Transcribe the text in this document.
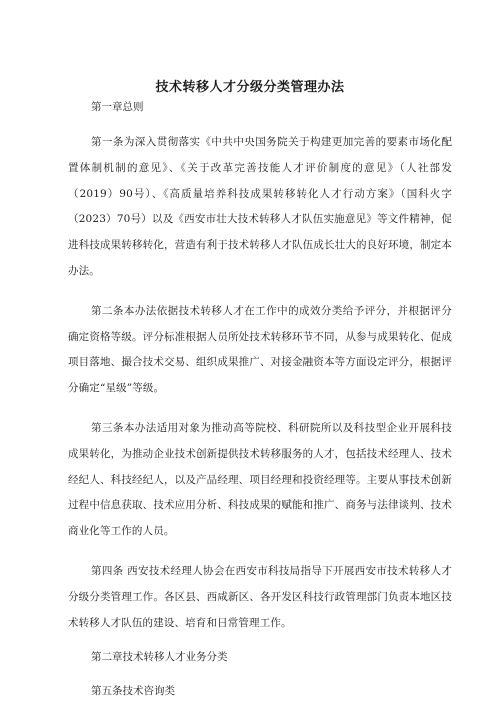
技术转移人才分级分类管理办法

第一章总则

第一条为深入贯彻落实《中共中央国务院关于构建更加完善的要素市场化配置体制机制的意见》、《关于改革完善技能人才评价制度的意见》（人社部发（2019）90号）、《高质量培养科技成果转移转化人才行动方案》（国科火字（2023）70号）以及《西安市壮大技术转移人才队伍实施意见》等文件精神，促进科技成果转移转化，营造有利于技术转移人才队伍成长壮大的良好环境，制定本办法。

第二条本办法依据技术转移人才在工作中的成效分类给予评分，并根据评分确定资格等级。评分标准根据人员所处技术转移环节不同，从参与成果转化、促成项目落地、撮合技术交易、组织成果推广、对接金融资本等方面设定评分，根据评分确定“星级”等级。

第三条本办法适用对象为推动高等院校、科研院所以及科技型企业开展科技成果转化，为推动企业技术创新提供技术转移服务的人才，包括技术经理人、技术经纪人、科技经纪人，以及产品经理、项目经理和投资经理等。主要从事技术创新过程中信息获取、技术应用分析、科技成果的赋能和推广、商务与法律谈判、技术商业化等工作的人员。

第四条 西安技术经理人协会在西安市科技局指导下开展西安市技术转移人才分级分类管理工作。各区县、西咸新区、各开发区科技行政管理部门负责本地区技术转移人才队伍的建设、培育和日常管理工作。

第二章技术转移人才业务分类

第五条技术咨询类
